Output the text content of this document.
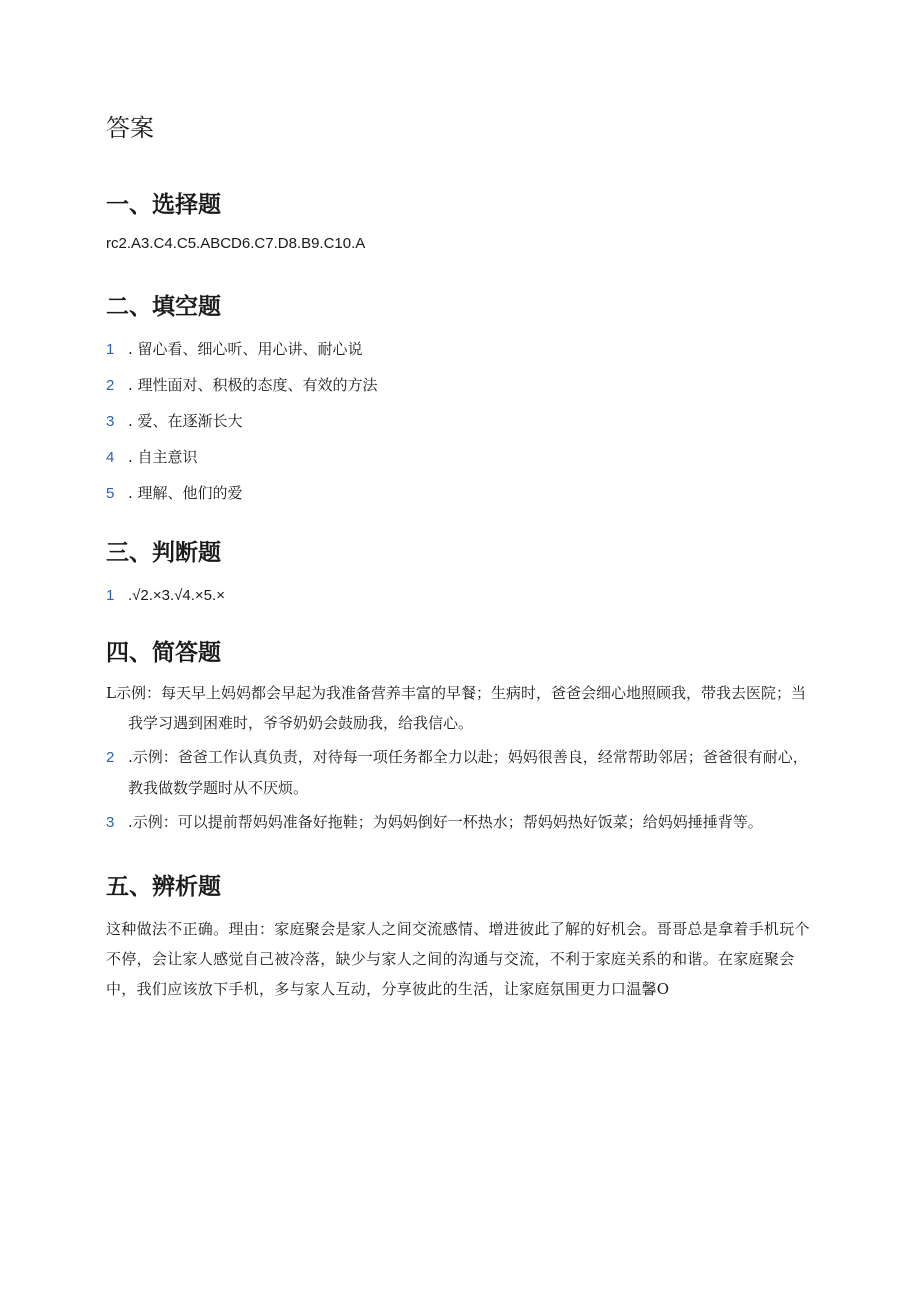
答案
一、选择题

rc2.A3.C4.C5.ABCD6.C7.D8.B9.C10.A

二、填空题

1 . 留心看、细心听、用心讲、耐心说

2 . 理性面对、积极的态度、有效的方法

3 . 爱、在逐渐长大

4 . 自主意识

5 . 理解、他们的爱

三、判断题

1 .√2.×3.√4.×5.×

四、简答题

L示例：每天早上妈妈都会早起为我准备营养丰富的早餐；生病时，爸爸会细心地照顾我，带我去医院；当我学习遇到困难时，爷爷奶奶会鼓励我，给我信心。

2 .示例：爸爸工作认真负责，对待每一项任务都全力以赴；妈妈很善良，经常帮助邻居；爸爸很有耐心，教我做数学题时从不厌烦。

3 .示例：可以提前帮妈妈准备好拖鞋；为妈妈倒好一杯热水；帮妈妈热好饭菜；给妈妈捶捶背等。

五、辨析题

这种做法不正确。理由：家庭聚会是家人之间交流感情、增进彼此了解的好机会。哥哥总是拿着手机玩个不停，会让家人感觉自己被冷落，缺少与家人之间的沟通与交流，不利于家庭关系的和谐。在家庭聚会中，我们应该放下手机，多与家人互动，分享彼此的生活，让家庭氛围更力口温馨O
